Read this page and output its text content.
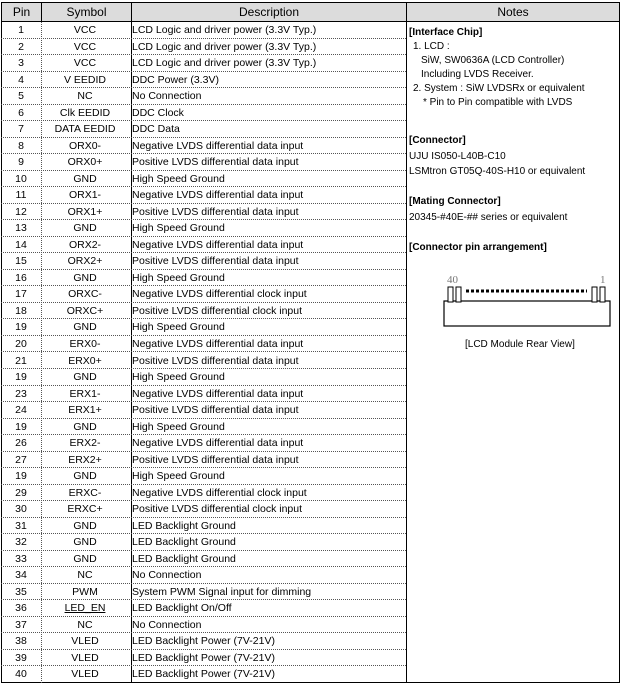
Pin	Symbol	Description	Notes
1	VCC	LCD Logic and driver power (3.3V Typ.)
2	VCC	LCD Logic and driver power (3.3V Typ.)
3	VCC	LCD Logic and driver power (3.3V Typ.)
4	V EEDID	DDC Power (3.3V)
5	NC	No Connection
6	Clk EEDID	DDC Clock
7	DATA EEDID	DDC Data
8	ORX0-	Negative LVDS differential data input
9	ORX0+	Positive LVDS differential data input
10	GND	High Speed Ground
11	ORX1-	Negative LVDS differential data input
12	ORX1+	Positive LVDS differential data input
13	GND	High Speed Ground
14	ORX2-	Negative LVDS differential data input
15	ORX2+	Positive LVDS differential data input
16	GND	High Speed Ground
17	ORXC-	Negative LVDS differential clock input
18	ORXC+	Positive LVDS differential clock input
19	GND	High Speed Ground
20	ERX0-	Negative LVDS differential data input
21	ERX0+	Positive LVDS differential data input
19	GND	High Speed Ground
23	ERX1-	Negative LVDS differential data input
24	ERX1+	Positive LVDS differential data input
19	GND	High Speed Ground
26	ERX2-	Negative LVDS differential data input
27	ERX2+	Positive LVDS differential data input
19	GND	High Speed Ground
29	ERXC-	Negative LVDS differential clock input
30	ERXC+	Positive LVDS differential clock input
31	GND	LED Backlight Ground
32	GND	LED Backlight Ground
33	GND	LED Backlight Ground
34	NC	No Connection
35	PWM	System PWM Signal input for dimming
36	LED_EN	LED Backlight On/Off
37	NC	No Connection
38	VLED	LED Backlight Power (7V-21V)
39	VLED	LED Backlight Power (7V-21V)
40	VLED	LED Backlight Power (7V-21V)
[Interface Chip]
1. LCD :
SiW, SW0636A (LCD Controller)
Including LVDS Receiver.
2. System : SiW LVDSRx or equivalent
* Pin to Pin compatible with LVDS
[Connector]
UJU IS050-L40B-C10
LSMtron GT05Q-40S-H10 or equivalent
[Mating Connector]
20345-#40E-## series or equivalent
[Connector pin arrangement]
40	1
[LCD Module Rear View]
